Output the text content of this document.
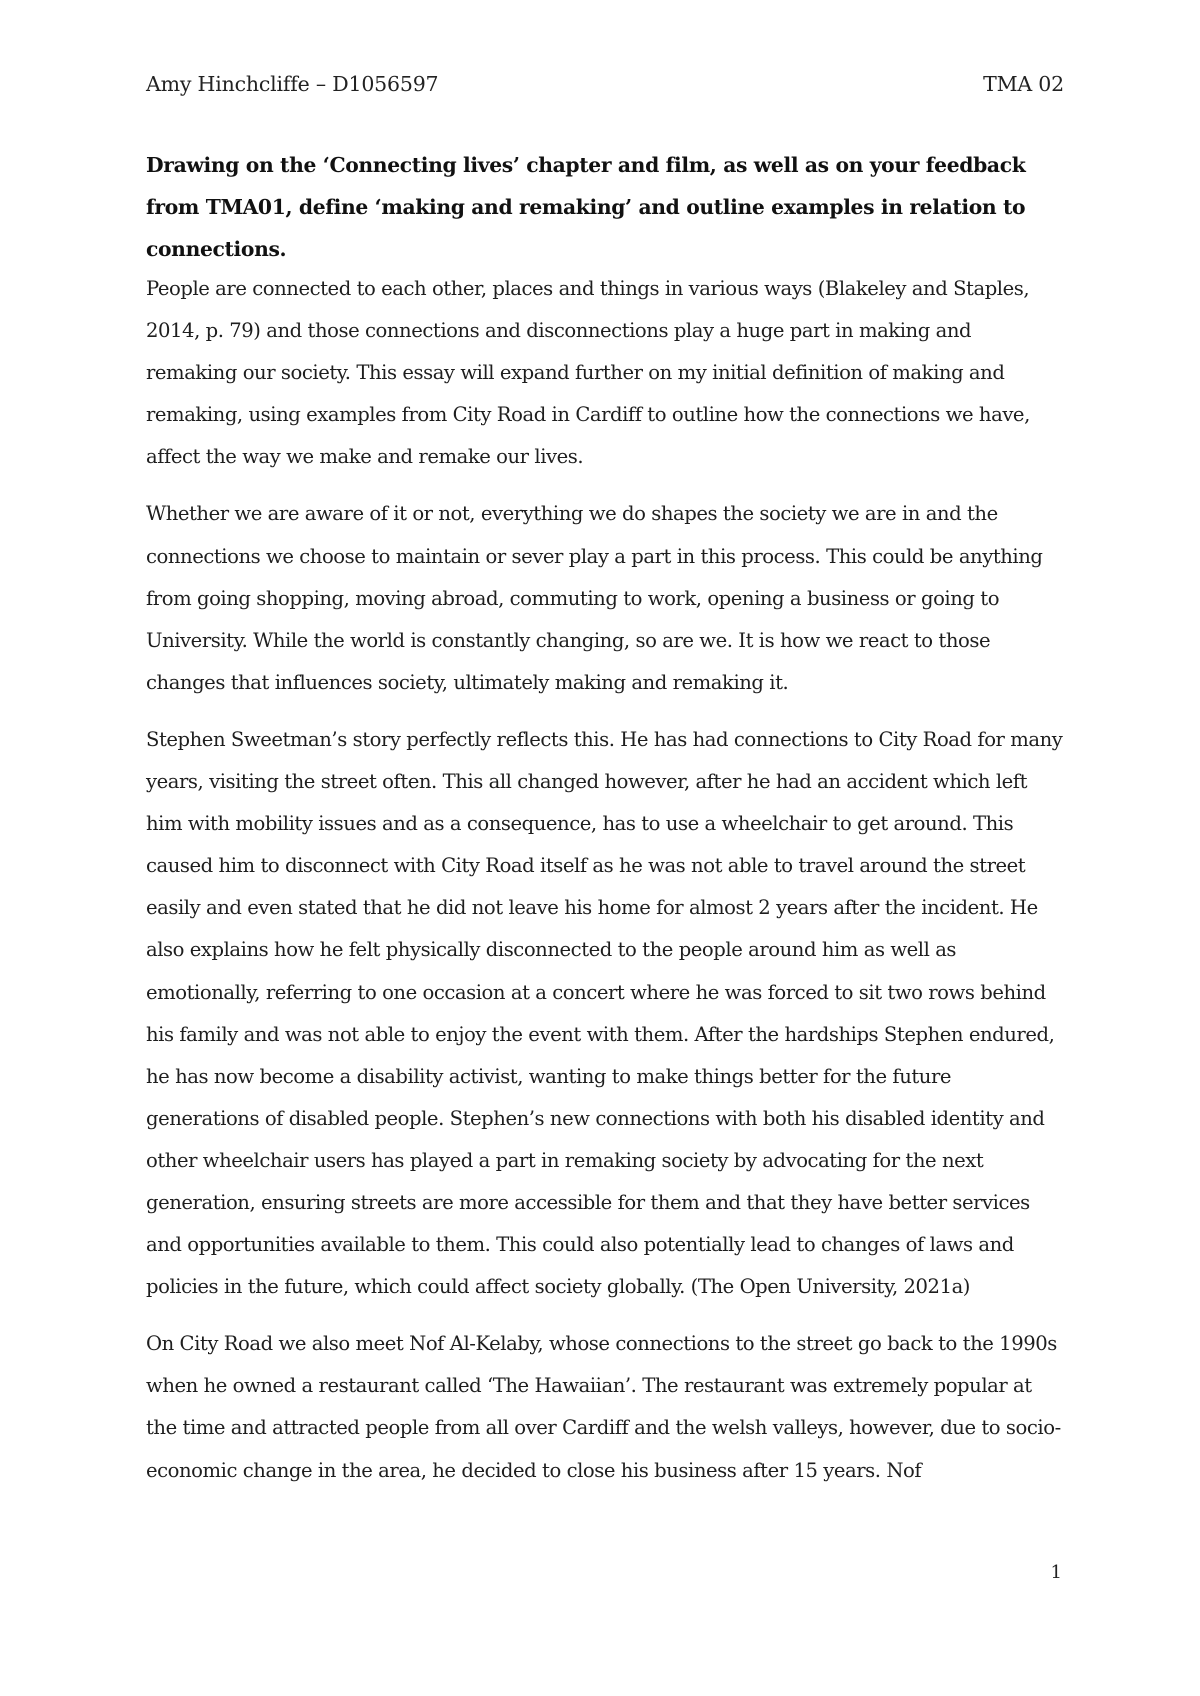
Amy Hinchcliffe – D1056597	TMA 02
Drawing on the ‘Connecting lives’ chapter and film, as well as on your feedback from TMA01, define ‘making and remaking’ and outline examples in relation to connections.

People are connected to each other, places and things in various ways (Blakeley and Staples, 2014, p. 79) and those connections and disconnections play a huge part in making and remaking our society. This essay will expand further on my initial definition of making and remaking, using examples from City Road in Cardiff to outline how the connections we have, affect the way we make and remake our lives.

Whether we are aware of it or not, everything we do shapes the society we are in and the connections we choose to maintain or sever play a part in this process. This could be anything from going shopping, moving abroad, commuting to work, opening a business or going to University. While the world is constantly changing, so are we. It is how we react to those changes that influences society, ultimately making and remaking it.

Stephen Sweetman’s story perfectly reflects this. He has had connections to City Road for many years, visiting the street often. This all changed however, after he had an accident which left him with mobility issues and as a consequence, has to use a wheelchair to get around. This caused him to disconnect with City Road itself as he was not able to travel around the street easily and even stated that he did not leave his home for almost 2 years after the incident. He also explains how he felt physically disconnected to the people around him as well as emotionally, referring to one occasion at a concert where he was forced to sit two rows behind his family and was not able to enjoy the event with them. After the hardships Stephen endured, he has now become a disability activist, wanting to make things better for the future generations of disabled people. Stephen’s new connections with both his disabled identity and other wheelchair users has played a part in remaking society by advocating for the next generation, ensuring streets are more accessible for them and that they have better services and opportunities available to them. This could also potentially lead to changes of laws and policies in the future, which could affect society globally. (The Open University, 2021a)

On City Road we also meet Nof Al-Kelaby, whose connections to the street go back to the 1990s when he owned a restaurant called ‘The Hawaiian’. The restaurant was extremely popular at the time and attracted people from all over Cardiff and the welsh valleys, however, due to socio-economic change in the area, he decided to close his business after 15 years. Nof

1
